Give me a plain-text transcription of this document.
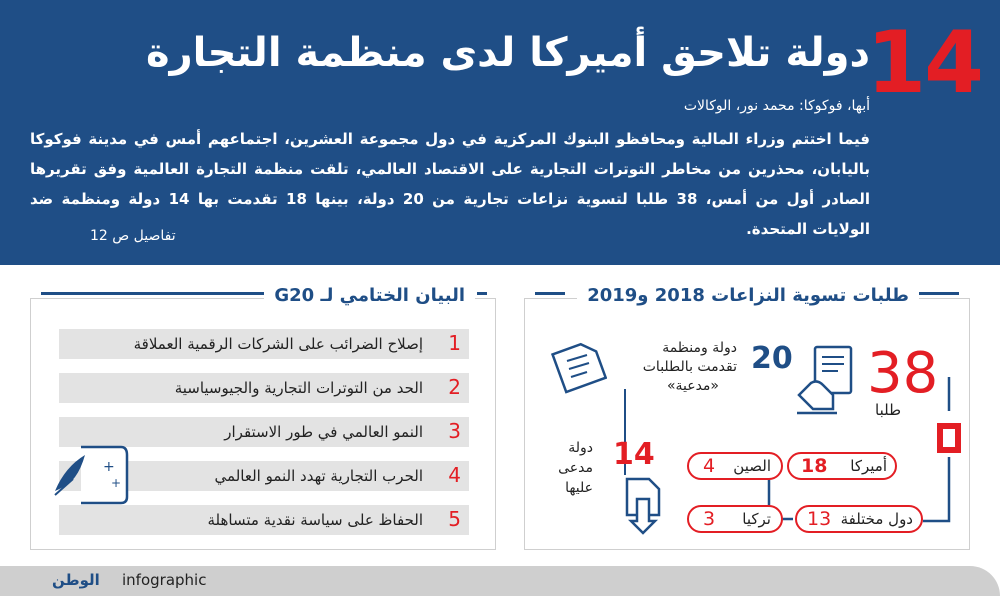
14
دولة تلاحق أميركا لدى منظمة التجارة
أبها، فوكوكا: محمد نور، الوكالات
فيما اختتم وزراء المالية ومحافظو البنوك المركزية في دول مجموعة العشرين، اجتماعهم أمس في مدينة فوكوكا باليابان، محذرين من مخاطر التوترات التجارية على الاقتصاد العالمي، تلقت منظمة التجارة العالمية وفق تقريرها الصادر أول من أمس، 38 طلبا لتسوية نزاعات تجارية من 20 دولة، بينها 18 تقدمت بها 14 دولة ومنظمة ضد الولايات المتحدة.
تفاصيل ص 12
طلبات تسوية النزاعات 2018 و2019
38
طلبا
20
دولة ومنظمة
تقدمت بالطلبات
«مدعية»
14
دولة
مدعى
عليها
أميركا
18
الصين
4
دول مختلفة
13
تركيا
3
البيان الختامي لـ G20
1
إصلاح الضرائب على الشركات الرقمية العملاقة
2
الحد من التوترات التجارية والجيوسياسية
3
النمو العالمي في طور الاستقرار
4
الحرب التجارية تهدد النمو العالمي
5
الحفاظ على سياسة نقدية متساهلة
+
+
الوطن infographic
